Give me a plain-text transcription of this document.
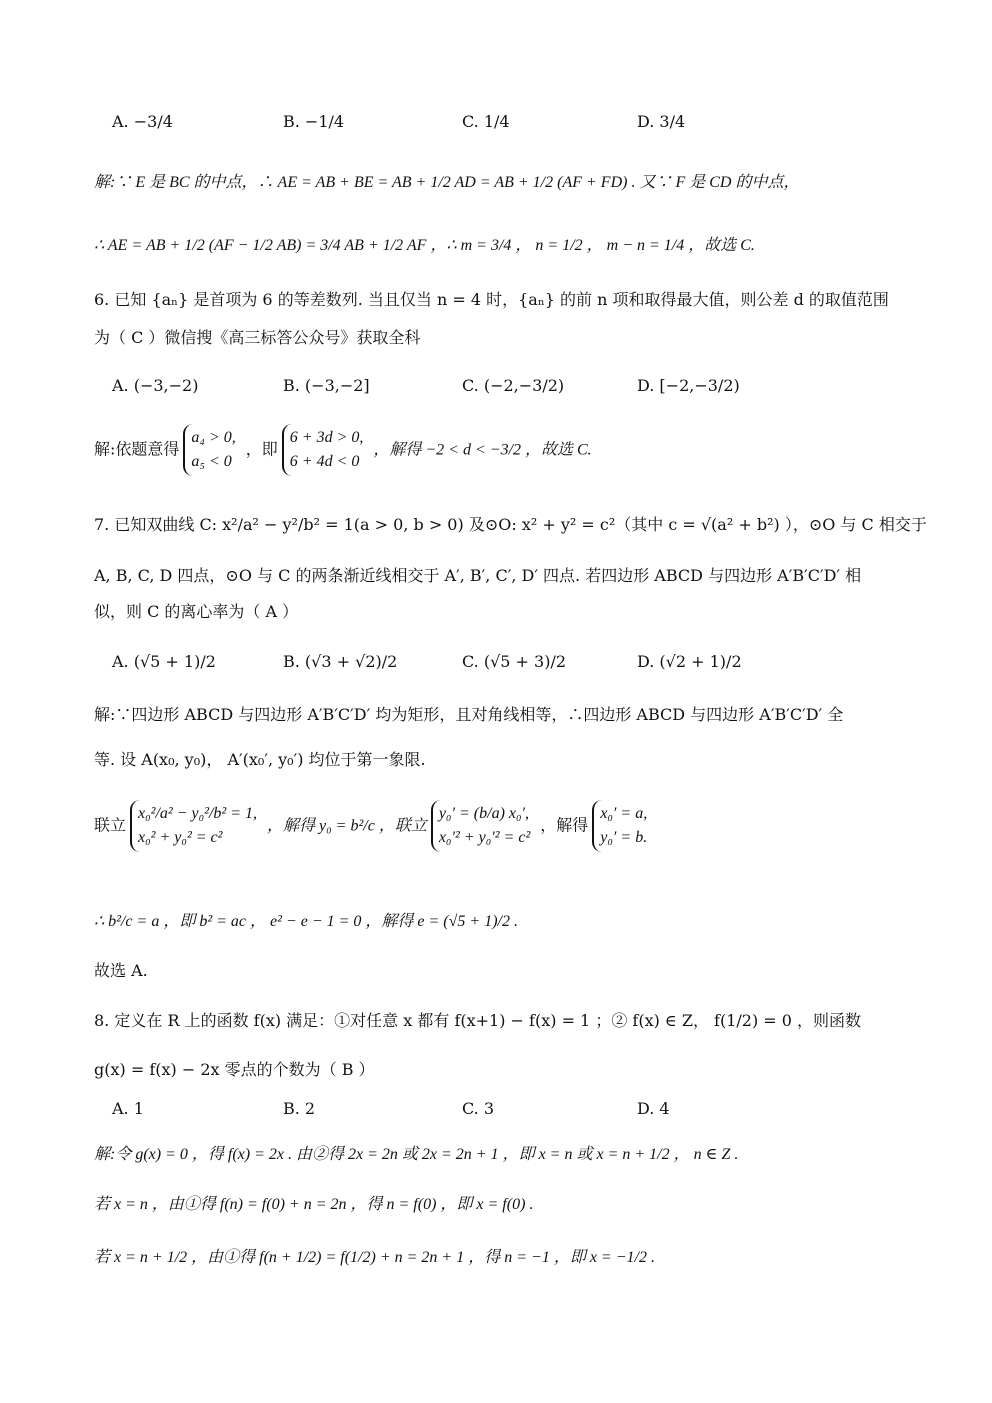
A. −3/4	B. −1/4	C. 1/4	D. 3/4
解:∵ E 是 BC 的中点，∴ AE = AB + BE = AB + 1/2 AD = AB + 1/2 (AF + FD) . 又∵ F 是 CD 的中点，
∴ AE = AB + 1/2 (AF − 1/2 AB) = 3/4 AB + 1/2 AF ，∴ m = 3/4 ， n = 1/2 ， m − n = 1/4 ，故选 C.
6. 已知 {aₙ} 是首项为 6 的等差数列. 当且仅当 n = 4 时，{aₙ} 的前 n 项和取得最大值，则公差 d 的取值范围
为（ C ）微信搜《高三标答公众号》获取全科
A. (−3,−2)	B. (−3,−2]	C. (−2,−3/2)	D. [−2,−3/2)
解:依题意得
a₄ > 0,
a₅ < 0
，即
6 + 3d > 0,
6 + 4d < 0
，解得 −2 < d < −3/2 ，故选 C.
7. 已知双曲线 C: x²/a² − y²/b² = 1(a > 0, b > 0) 及⊙O: x² + y² = c²（其中 c = √(a² + b²) ），⊙O 与 C 相交于
A, B, C, D 四点，⊙O 与 C 的两条渐近线相交于 A′, B′, C′, D′ 四点. 若四边形 ABCD 与四边形 A′B′C′D′ 相
似，则 C 的离心率为（ A ）
A. (√5 + 1)/2	B. (√3 + √2)/2	C. (√5 + 3)/2	D. (√2 + 1)/2
解:∵四边形 ABCD 与四边形 A′B′C′D′ 均为矩形，且对角线相等，∴四边形 ABCD 与四边形 A′B′C′D′ 全
等. 设 A(x₀, y₀)， A′(x₀′, y₀′) 均位于第一象限.
联立
x₀²/a² − y₀²/b² = 1,
x₀² + y₀² = c²
，解得 y₀ = b²/c ，联立
y₀′ = (b/a) x₀′,
x₀′² + y₀′² = c²
，解得
x₀′ = a,
y₀′ = b.
∴ b²/c = a ，即 b² = ac ， e² − e − 1 = 0 ，解得 e = (√5 + 1)/2 .
故选 A.
8. 定义在 R 上的函数 f(x) 满足：①对任意 x 都有 f(x+1) − f(x) = 1 ；② f(x) ∈ Z， f(1/2) = 0 ，则函数
g(x) = f(x) − 2x 零点的个数为（ B ）
A. 1	B. 2	C. 3	D. 4
解:令 g(x) = 0 ，得 f(x) = 2x . 由②得 2x = 2n 或 2x = 2n + 1 ，即 x = n 或 x = n + 1/2 ， n ∈ Z .
若 x = n ，由①得 f(n) = f(0) + n = 2n ，得 n = f(0) ，即 x = f(0) .
若 x = n + 1/2 ，由①得 f(n + 1/2) = f(1/2) + n = 2n + 1 ，得 n = −1 ，即 x = −1/2 .
